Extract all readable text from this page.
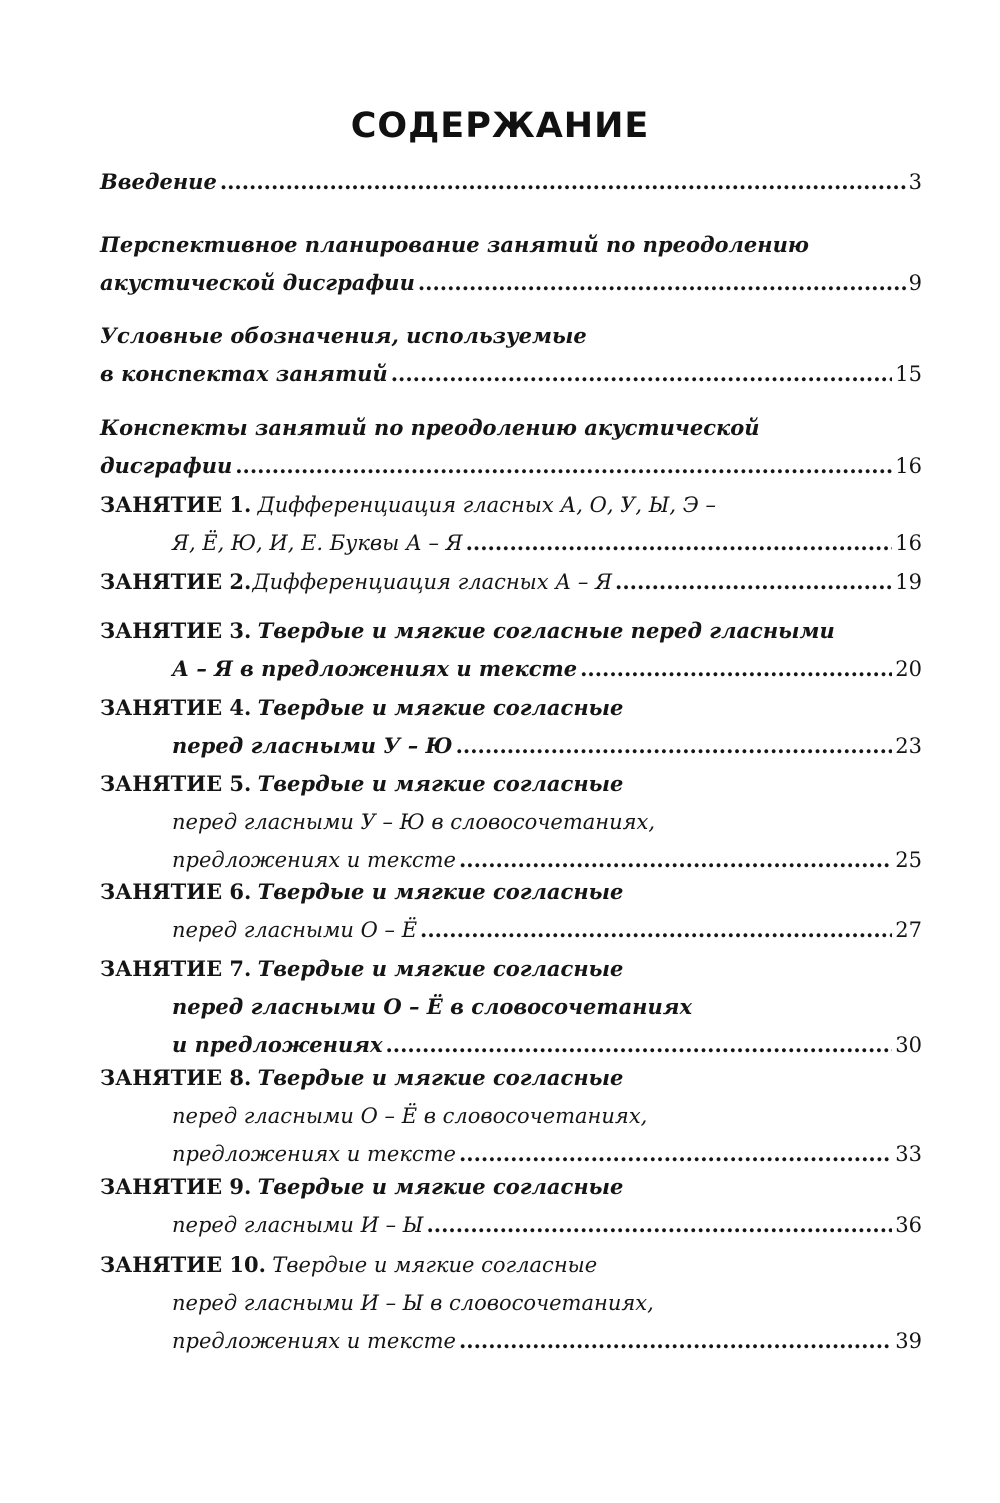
СОДЕРЖАНИЕ
Введение .....	3
Перспективное планирование занятий по преодолению
акустической дисграфии .....	9
Условные обозначения, используемые
в конспектах занятий .....	15
Конспекты занятий по преодолению акустической
дисграфии .....	16
ЗАНЯТИЕ 1. Дифференциация гласных А, О, У, Ы, Э –
Я, Ё, Ю, И, Е. Буквы А – Я .....	16
ЗАНЯТИЕ 2. Дифференциация гласных А – Я .....	19
ЗАНЯТИЕ 3. Твердые и мягкие согласные перед гласными
А – Я в предложениях и тексте .....	20
ЗАНЯТИЕ 4. Твердые и мягкие согласные
перед гласными У – Ю .....	23
ЗАНЯТИЕ 5. Твердые и мягкие согласные
перед гласными У – Ю в словосочетаниях,
предложениях и тексте .....	25
ЗАНЯТИЕ 6. Твердые и мягкие согласные
перед гласными О – Ё .....	27
ЗАНЯТИЕ 7. Твердые и мягкие согласные
перед гласными О – Ё в словосочетаниях
и предложениях .....	30
ЗАНЯТИЕ 8. Твердые и мягкие согласные
перед гласными О – Ё в словосочетаниях,
предложениях и тексте .....	33
ЗАНЯТИЕ 9. Твердые и мягкие согласные
перед гласными И – Ы .....	36
ЗАНЯТИЕ 10. Твердые и мягкие согласные
перед гласными И – Ы в словосочетаниях,
предложениях и тексте .....	39
